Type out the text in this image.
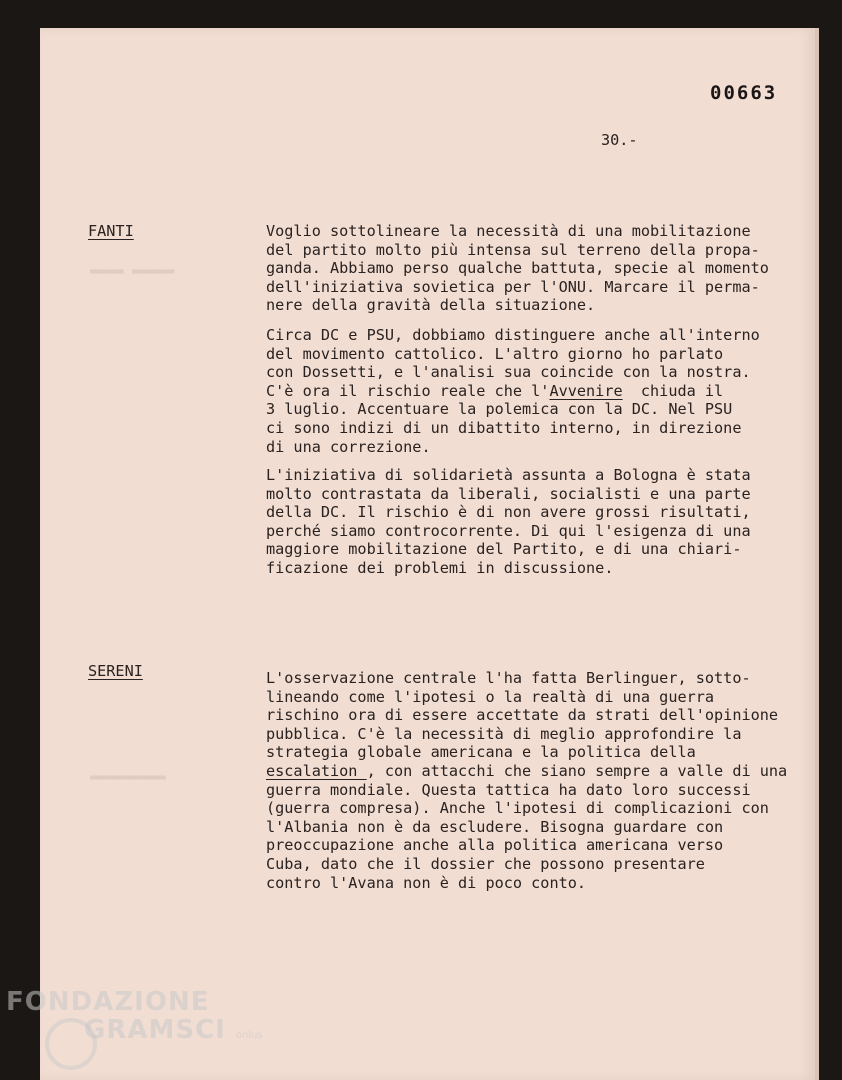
▬▬▬▬ ▬▬▬▬▬
▬▬▬▬▬▬▬▬▬
00663
30.-
FANTI	Voglio sottolineare la necessità di una mobilitazione
del partito molto più intensa sul terreno della propa-
ganda. Abbiamo perso qualche battuta, specie al momento
dell'iniziativa sovietica per l'ONU. Marcare il perma-
nere della gravità della situazione.

Circa DC e PSU, dobbiamo distinguere anche all'interno
del movimento cattolico. L'altro giorno ho parlato
con Dossetti, e l'analisi sua coincide con la nostra.
C'è ora il rischio reale che l'Avvenire  chiuda il
3 luglio. Accentuare la polemica con la DC. Nel PSU
ci sono indizi di un dibattito interno, in direzione
di una correzione.

L'iniziativa di solidarietà assunta a Bologna è stata
molto contrastata da liberali, socialisti e una parte
della DC. Il rischio è di non avere grossi risultati,
perché siamo controcorrente. Di qui l'esigenza di una
maggiore mobilitazione del Partito, e di una chiari-
ficazione dei problemi in discussione.

SERENI	L'osservazione centrale l'ha fatta Berlinguer, sotto-
lineando come l'ipotesi o la realtà di una guerra
rischino ora di essere accettate da strati dell'opinione
pubblica. C'è la necessità di meglio approfondire la
strategia globale americana e la politica della
escalation , con attacchi che siano sempre a valle di una
guerra mondiale. Questa tattica ha dato loro successi
(guerra compresa). Anche l'ipotesi di complicazioni con
l'Albania non è da escludere. Bisogna guardare con
preoccupazione anche alla politica americana verso
Cuba, dato che il dossier che possono presentare
contro l'Avana non è di poco conto.

FONDAZIONE
GRAMSCI onlus
